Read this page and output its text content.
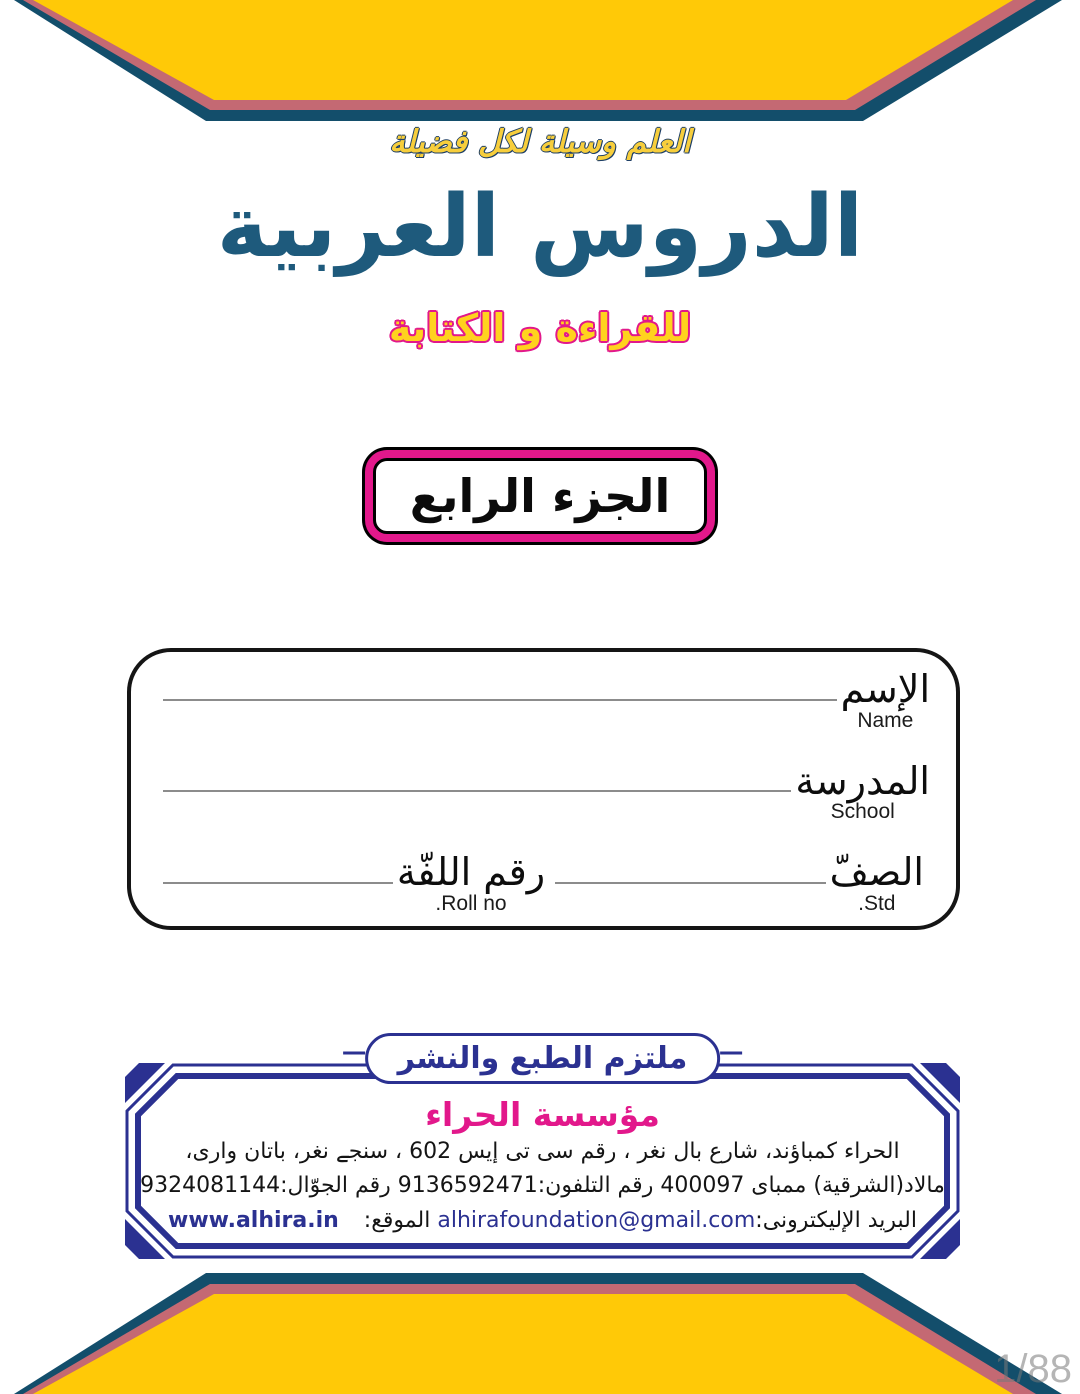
العلم وسيلة لكل فضيلة
الدروس العربية
للقراءة و الكتابة
الجزء الرابع
الإسم
Name
المدرسة
School
الصفّ
Std.
رقم اللفّة
Roll no.
ملتزم الطبع والنشر
مؤسسة الحراء
الحراء كمباؤند، شارع بال نغر ، رقم سى تى إيس 602 ، سنجے نغر، باتان وارى،
مالاد(الشرقية) ممباى 400097 رقم التلفون:9136592471 رقم الجوّال:9324081144
البريد الإليكترونى:alhirafoundation@gmail.com الموقع: www.alhira.in
1/88
